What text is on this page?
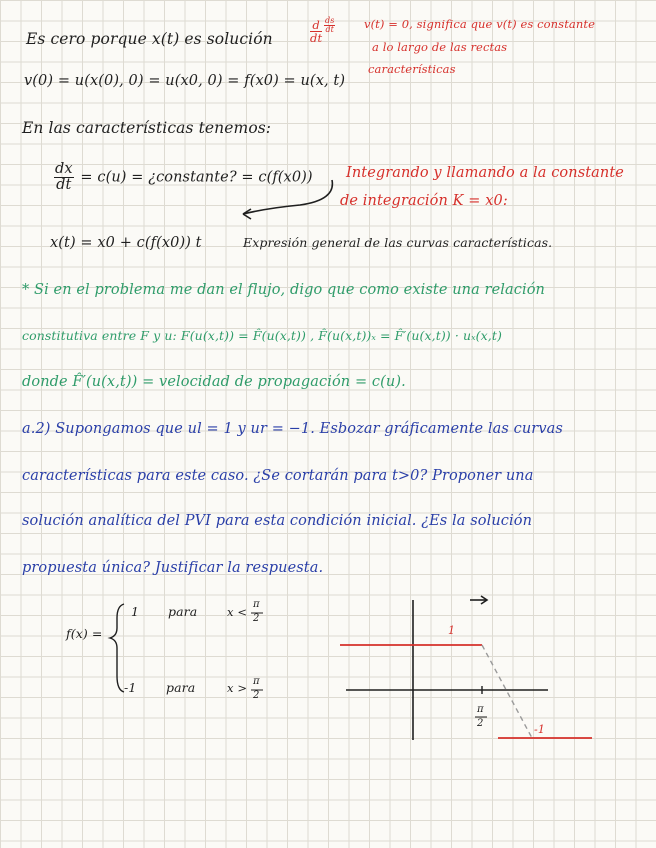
Es cero porque x(t) es solución	$\frac{d}{dt} \frac{ds}{dt} v(t) = 0$, significa que v(t) es constante
a lo largo de las rectas
características
v(0) = u(x(0), 0) = u(x0, 0) = f(x0) = u(x, t)
En las características tenemos:
$\frac{dx}{dt} = c(u)$ = ¿constante? = c(f(x0)) Integrando y llamando a la constante
de integración K = x0:
x(t) = x0 + c(f(x0)) t	Expresión general de las curvas características.
* Si en el problema me dan el flujo, digo que como existe una relación
constitutiva entre F y u: F(u(x,t)) = F̂(u(x,t)) , F̂(u(x,t))ₓ = F̂′(u(x,t)) · uₓ(x,t)
donde F̂′(u(x,t)) = velocidad de propagación = c(u).
a.2) Supongamos que ul = 1 y ur = −1. Esbozar gráficamente las curvas
características para este caso. ¿Se cortarán para t>0? Proponer una
solución analítica del PVI para esta condición inicial. ¿Es la solución
propuesta única? Justificar la respuesta.
f(x) =
1 para	x <
π
2
-1 para	x > π
2
1
-1
π
2
